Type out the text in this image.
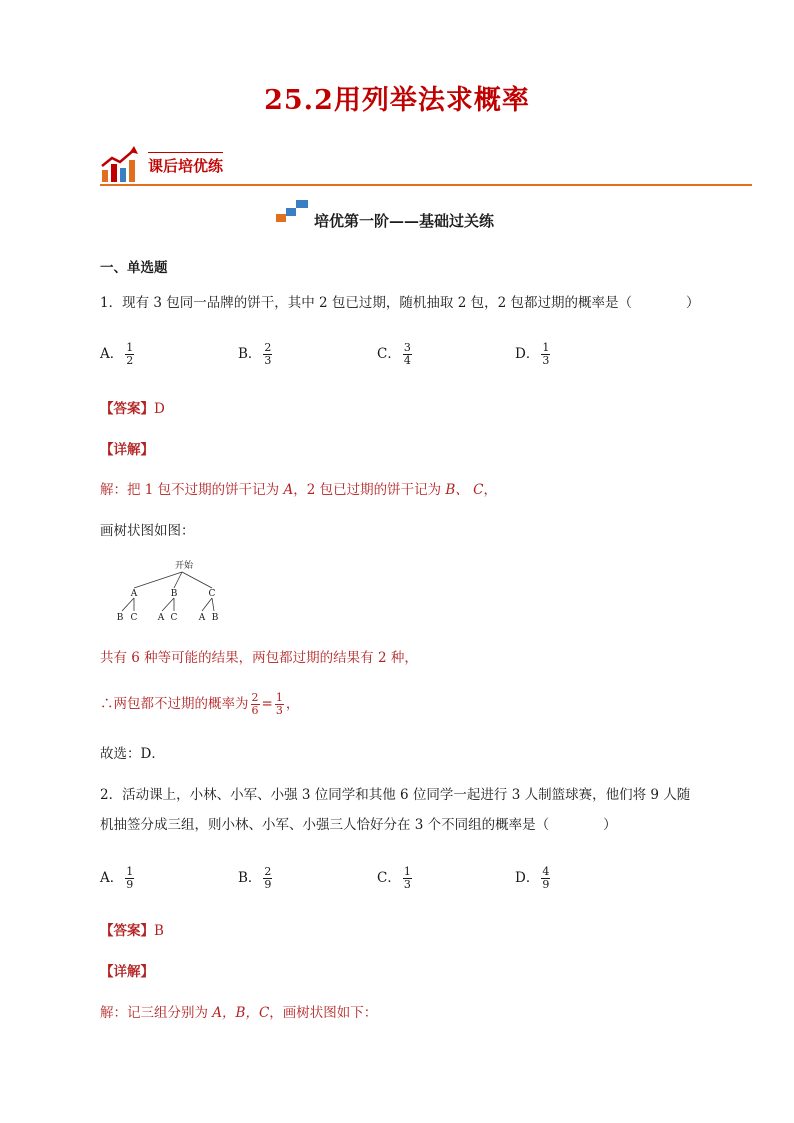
25.2用列举法求概率
课后培优练
培优第一阶——基础过关练
一、单选题
1．现有 3 包同一品牌的饼干，其中 2 包已过期，随机抽取 2 包，2 包都过期的概率是（　　　　）
A． $\frac{1}{2}$	B． $\frac{2}{3}$	C． $\frac{3}{4}$	D． $\frac{1}{3}$
【答案】D
【详解】
解：把 1 包不过期的饼干记为 A，2 包已过期的饼干记为 B、 C，
画树状图如图：
开始
A	B	C
B C A C A B
共有 6 种等可能的结果，两包都过期的结果有 2 种，
∴两包都不过期的概率为 $\frac{2}{6} = \frac{1}{3}$ ，
故选：D．
2．活动课上，小林、小军、小强 3 位同学和其他 6 位同学一起进行 3 人制篮球赛，他们将 9 人随
机抽签分成三组，则小林、小军、小强三人恰好分在 3 个不同组的概率是（　　　　）
A． $\frac{1}{9}$	B． $\frac{2}{9}$	C． $\frac{1}{3}$	D． $\frac{4}{9}$
【答案】B
【详解】
解：记三组分别为 A，B，C，画树状图如下：
